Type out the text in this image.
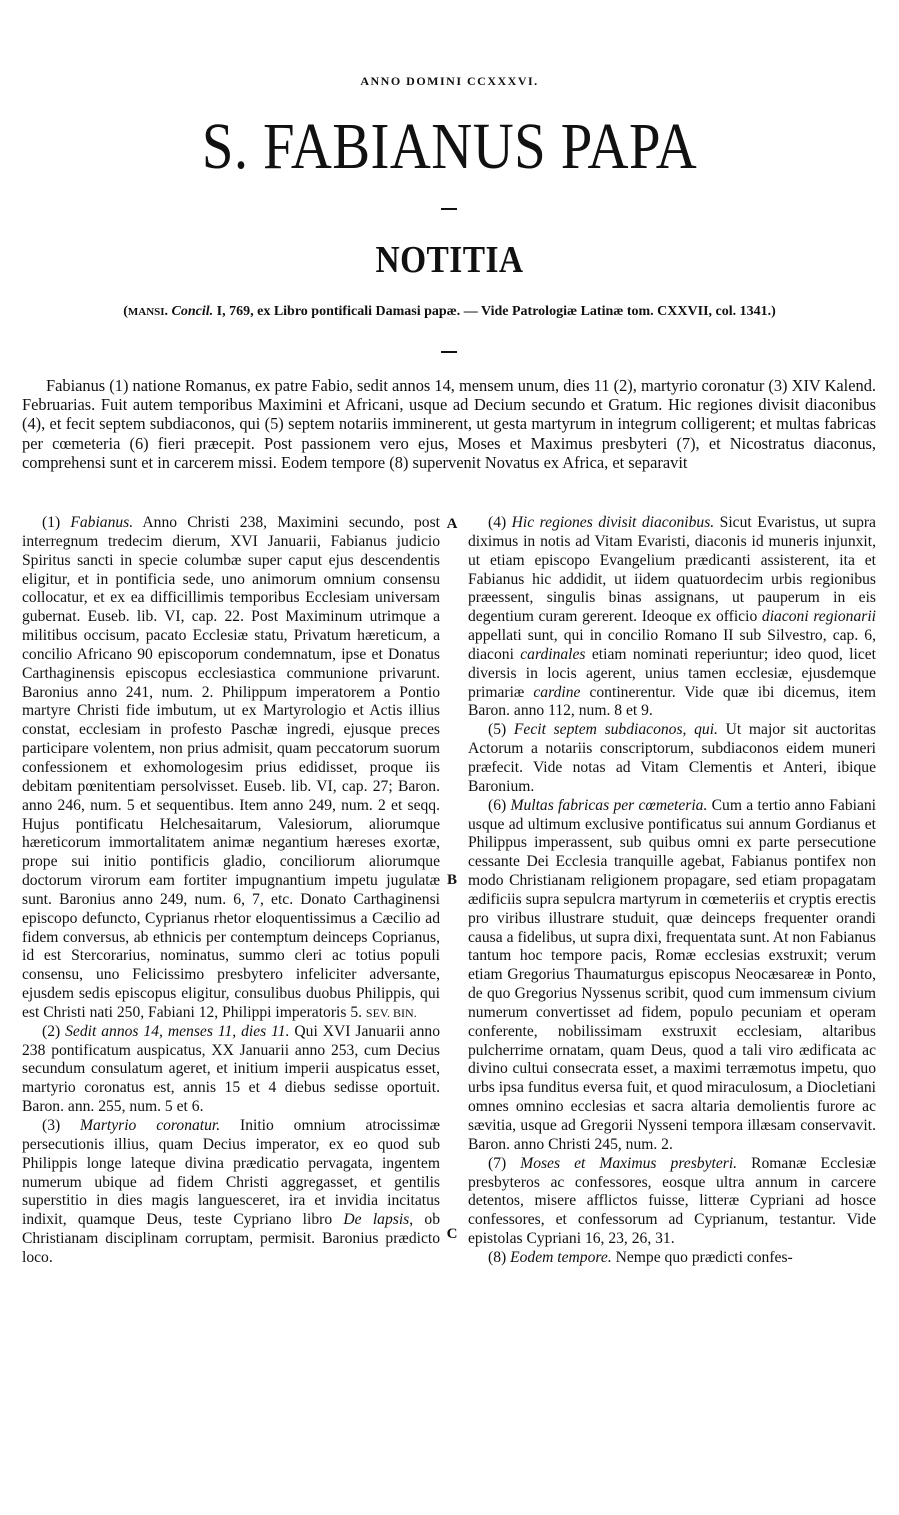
ANNO DOMINI CCXXXVI.
S. FABIANUS PAPA
NOTITIA
(MANSI. Concil. I, 769, ex Libro pontificali Damasi papæ. — Vide Patrologiæ Latinæ tom. CXXVII, col. 1341.)

Fabianus (1) natione Romanus, ex patre Fabio, sedit annos 14, mensem unum, dies 11 (2), martyrio coronatur (3) XIV Kalend. Februarias. Fuit autem temporibus Maximini et Africani, usque ad Decium secundo et Gratum. Hic regiones divisit diaconibus (4), et fecit septem subdiaconos, qui (5) septem notariis imminerent, ut gesta martyrum in integrum colligerent; et multas fabricas per cœmeteria (6) fieri præcepit. Post passionem vero ejus, Moses et Maximus presbyteri (7), et Nicostratus diaconus, comprehensi sunt et in carcerem missi. Eodem tempore (8) supervenit Novatus ex Africa, et separavit

A
B
C

(1) Fabianus. Anno Christi 238, Maximini secundo, post interregnum tredecim dierum, XVI Januarii, Fabianus judicio Spiritus sancti in specie columbæ super caput ejus descendentis eligitur, et in pontificia sede, uno animorum omnium consensu collocatur, et ex ea difficillimis temporibus Ecclesiam universam gubernat. Euseb. lib. VI, cap. 22. Post Maximinum utrimque a militibus occisum, pacato Ecclesiæ statu, Privatum hæreticum, a concilio Africano 90 episcoporum condemnatum, ipse et Donatus Carthaginensis episcopus ecclesiastica communione privarunt. Baronius anno 241, num. 2. Philippum imperatorem a Pontio martyre Christi fide imbutum, ut ex Martyrologio et Actis illius constat, ecclesiam in profesto Paschæ ingredi, ejusque preces participare volentem, non prius admisit, quam peccatorum suorum confessionem et exhomologesim prius edidisset, proque iis debitam pœnitentiam persolvisset. Euseb. lib. VI, cap. 27; Baron. anno 246, num. 5 et sequentibus. Item anno 249, num. 2 et seqq. Hujus pontificatu Helchesaitarum, Valesiorum, aliorumque hæreticorum immortalitatem animæ negantium hæreses exortæ, prope sui initio pontificis gladio, conciliorum aliorumque doctorum virorum eam fortiter impugnantium impetu jugulatæ sunt. Baronius anno 249, num. 6, 7, etc. Donato Carthaginensi episcopo defuncto, Cyprianus rhetor eloquentissimus a Cæcilio ad fidem conversus, ab ethnicis per contemptum deinceps Coprianus, id est Stercorarius, nominatus, summo cleri ac totius populi consensu, uno Felicissimo presbytero infeliciter adversante, ejusdem sedis episcopus eligitur, consulibus duobus Philippis, qui est Christi nati 250, Fabiani 12, Philippi imperatoris 5. SEV. BIN.

(2) Sedit annos 14, menses 11, dies 11. Qui XVI Januarii anno 238 pontificatum auspicatus, XX Januarii anno 253, cum Decius secundum consulatum ageret, et initium imperii auspicatus esset, martyrio coronatus est, annis 15 et 4 diebus sedisse oportuit. Baron. ann. 255, num. 5 et 6.

(3) Martyrio coronatur. Initio omnium atrocissimæ persecutionis illius, quam Decius imperator, ex eo quod sub Philippis longe lateque divina prædicatio pervagata, ingentem numerum ubique ad fidem Christi aggregasset, et gentilis superstitio in dies magis languesceret, ira et invidia incitatus indixit, quamque Deus, teste Cypriano libro De lapsis, ob Christianam disciplinam corruptam, permisit. Baronius prædicto loco.

(4) Hic regiones divisit diaconibus. Sicut Evaristus, ut supra diximus in notis ad Vitam Evaristi, diaconis id muneris injunxit, ut etiam episcopo Evangelium prædicanti assisterent, ita et Fabianus hic addidit, ut iidem quatuordecim urbis regionibus præessent, singulis binas assignans, ut pauperum in eis degentium curam gererent. Ideoque ex officio diaconi regionarii appellati sunt, qui in concilio Romano II sub Silvestro, cap. 6, diaconi cardinales etiam nominati reperiuntur; ideo quod, licet diversis in locis agerent, unius tamen ecclesiæ, ejusdemque primariæ cardine continerentur. Vide quæ ibi dicemus, item Baron. anno 112, num. 8 et 9.

(5) Fecit septem subdiaconos, qui. Ut major sit auctoritas Actorum a notariis conscriptorum, subdiaconos eidem muneri præfecit. Vide notas ad Vitam Clementis et Anteri, ibique Baronium.

(6) Multas fabricas per cœmeteria. Cum a tertio anno Fabiani usque ad ultimum exclusive pontificatus sui annum Gordianus et Philippus imperassent, sub quibus omni ex parte persecutione cessante Dei Ecclesia tranquille agebat, Fabianus pontifex non modo Christianam religionem propagare, sed etiam propagatam ædificiis supra sepulcra martyrum in cœmeteriis et cryptis erectis pro viribus illustrare studuit, quæ deinceps frequenter orandi causa a fidelibus, ut supra dixi, frequentata sunt. At non Fabianus tantum hoc tempore pacis, Romæ ecclesias exstruxit; verum etiam Gregorius Thaumaturgus episcopus Neocæsareæ in Ponto, de quo Gregorius Nyssenus scribit, quod cum immensum civium numerum convertisset ad fidem, populo pecuniam et operam conferente, nobilissimam exstruxit ecclesiam, altaribus pulcherrime ornatam, quam Deus, quod a tali viro ædificata ac divino cultui consecrata esset, a maximi terræmotus impetu, quo urbs ipsa funditus eversa fuit, et quod miraculosum, a Diocletiani omnes omnino ecclesias et sacra altaria demolientis furore ac sævitia, usque ad Gregorii Nysseni tempora illæsam conservavit. Baron. anno Christi 245, num. 2.

(7) Moses et Maximus presbyteri. Romanæ Ecclesiæ presbyteros ac confessores, eosque ultra annum in carcere detentos, misere afflictos fuisse, litteræ Cypriani ad hosce confessores, et confessorum ad Cyprianum, testantur. Vide epistolas Cypriani 16, 23, 26, 31.

(8) Eodem tempore. Nempe quo prædicti confes-
